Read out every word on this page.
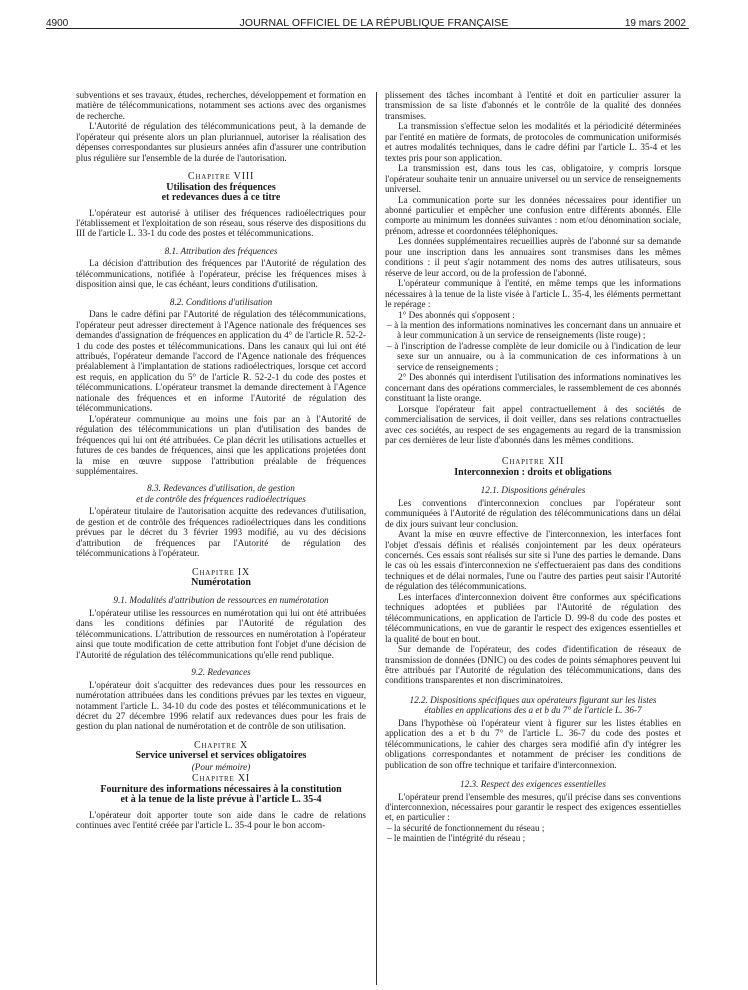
4900	JOURNAL OFFICIEL DE LA RÉPUBLIQUE FRANÇAISE	19 mars 2002

subventions et ses travaux, études, recherches, développement et formation en matière de télécommunications, notamment ses actions avec des organismes de recherche.

L'Autorité de régulation des télécommunications peut, à la demande de l'opérateur qui présente alors un plan pluriannuel, autoriser la réalisation des dépenses correspondantes sur plusieurs années afin d'assurer une contribution plus régulière sur l'ensemble de la durée de l'autorisation.

Chapitre VIII
Utilisation des fréquences
et redevances dues à ce titre

L'opérateur est autorisé à utiliser des fréquences radioélectriques pour l'établissement et l'exploitation de son réseau, sous réserve des dispositions du III de l'article L. 33-1 du code des postes et télécommunications.

8.1. Attribution des fréquences

La décision d'attribution des fréquences par l'Autorité de régulation des télécommunications, notifiée à l'opérateur, précise les fréquences mises à disposition ainsi que, le cas échéant, leurs conditions d'utilisation.

8.2. Conditions d'utilisation

Dans le cadre défini par l'Autorité de régulation des télécommunications, l'opérateur peut adresser directement à l'Agence nationale des fréquences ses demandes d'assignation de fréquences en application du 4° de l'article R. 52-2-1 du code des postes et télécommunications. Dans les canaux qui lui ont été attribués, l'opérateur demande l'accord de l'Agence nationale des fréquences préalablement à l'implantation de stations radioélectriques, lorsque cet accord est requis, en application du 5° de l'article R. 52-2-1 du code des postes et télécommunications. L'opérateur transmet la demande directement à l'Agence nationale des fréquences et en informe l'Autorité de régulation des télécommunications.

L'opérateur communique au moins une fois par an à l'Autorité de régulation des télécommunications un plan d'utilisation des bandes de fréquences qui lui ont été attribuées. Ce plan décrit les utilisations actuelles et futures de ces bandes de fréquences, ainsi que les applications projetées dont la mise en œuvre suppose l'attribution préalable de fréquences supplémentaires.

8.3. Redevances d'utilisation, de gestion
et de contrôle des fréquences radioélectriques

L'opérateur titulaire de l'autorisation acquitte des redevances d'utilisation, de gestion et de contrôle des fréquences radioélectriques dans les conditions prévues par le décret du 3 février 1993 modifié, au vu des décisions d'attribution de fréquences par l'Autorité de régulation des télécommunications à l'opérateur.

Chapitre IX
Numérotation
9.1. Modalités d'attribution de ressources en numérotation

L'opérateur utilise les ressources en numérotation qui lui ont été attribuées dans les conditions définies par l'Autorité de régulation des télécommunications. L'attribution de ressources en numérotation à l'opérateur ainsi que toute modification de cette attribution font l'objet d'une décision de l'Autorité de régulation des télécommunications qu'elle rend publique.

9.2. Redevances

L'opérateur doit s'acquitter des redevances dues pour les ressources en numérotation attribuées dans les conditions prévues par les textes en vigueur, notamment l'article L. 34-10 du code des postes et télécommunications et le décret du 27 décembre 1996 relatif aux redevances dues pour les frais de gestion du plan national de numérotation et de contrôle de son utilisation.

Chapitre X
Service universel et services obligatoires
(Pour mémoire)
Chapitre XI
Fourniture des informations nécessaires à la constitution
et à la tenue de la liste prévue à l'article L. 35-4

L'opérateur doit apporter toute son aide dans le cadre de relations continues avec l'entité créée par l'article L. 35-4 pour le bon accom-

plissement des tâches incombant à l'entité et doit en particulier assurer la transmission de sa liste d'abonnés et le contrôle de la qualité des données transmises.

La transmission s'effectue selon les modalités et la périodicité déterminées par l'entité en matière de formats, de protocoles de communication uniformisés et autres modalités techniques, dans le cadre défini par l'article L. 35-4 et les textes pris pour son application.

La transmission est, dans tous les cas, obligatoire, y compris lorsque l'opérateur souhaite tenir un annuaire universel ou un service de renseignements universel.

La communication porte sur les données nécessaires pour identifier un abonné particulier et empêcher une confusion entre différents abonnés. Elle comporte au minimum les données suivantes : nom et/ou dénomination sociale, prénom, adresse et coordonnées téléphoniques.

Les données supplémentaires recueillies auprès de l'abonné sur sa demande pour une inscription dans les annuaires sont transmises dans les mêmes conditions : il peut s'agir notamment des noms des autres utilisateurs, sous réserve de leur accord, ou de la profession de l'abonné.

L'opérateur communique à l'entité, en même temps que les informations nécessaires à la tenue de la liste visée à l'article L. 35-4, les éléments permettant le repérage :

1° Des abonnés qui s'opposent :

– à la mention des informations nominatives les concernant dans un annuaire et à leur communication à un service de renseignements (liste rouge) ;

– à l'inscription de l'adresse complète de leur domicile ou à l'indication de leur sexe sur un annuaire, ou à la communication de ces informations à un service de renseignements ;

2° Des abonnés qui interdisent l'utilisation des informations nominatives les concernant dans des opérations commerciales, le rassemblement de ces abonnés constituant la liste orange.

Lorsque l'opérateur fait appel contractuellement à des sociétés de commercialisation de services, il doit veiller, dans ses relations contractuelles avec ces sociétés, au respect de ses engagements au regard de la transmission par ces dernières de leur liste d'abonnés dans les mêmes conditions.

Chapitre XII
Interconnexion : droits et obligations
12.1. Dispositions générales

Les conventions d'interconnexion conclues par l'opérateur sont communiquées à l'Autorité de régulation des télécommunications dans un délai de dix jours suivant leur conclusion.

Avant la mise en œuvre effective de l'interconnexion, les interfaces font l'objet d'essais définis et réalisés conjointement par les deux opérateurs concernés. Ces essais sont réalisés sur site si l'une des parties le demande. Dans le cas où les essais d'interconnexion ne s'effectueraient pas dans des conditions techniques et de délai normales, l'une ou l'autre des parties peut saisir l'Autorité de régulation des télécommunications.

Les interfaces d'interconnexion doivent être conformes aux spécifications techniques adoptées et publiées par l'Autorité de régulation des télécommunications, en application de l'article D. 99-8 du code des postes et télécommunications, en vue de garantir le respect des exigences essentielles et la qualité de bout en bout.

Sur demande de l'opérateur, des codes d'identification de réseaux de transmission de données (DNIC) ou des codes de points sémaphores peuvent lui être attribués par l'Autorité de régulation des télécommunications, dans des conditions transparentes et non discriminatoires.

12.2. Dispositions spécifiques aux opérateurs figurant sur les listes
établies en applications des a et b du 7° de l'article L. 36-7

Dans l'hypothèse où l'opérateur vient à figurer sur les listes établies en application des a et b du 7° de l'article L. 36-7 du code des postes et télécommunications, le cahier des charges sera modifié afin d'y intégrer les obligations correspondantes et notamment de préciser les conditions de publication de son offre technique et tarifaire d'interconnexion.

12.3. Respect des exigences essentielles

L'opérateur prend l'ensemble des mesures, qu'il précise dans ses conventions d'interconnexion, nécessaires pour garantir le respect des exigences essentielles et, en particulier :

– la sécurité de fonctionnement du réseau ;

– le maintien de l'intégrité du réseau ;
